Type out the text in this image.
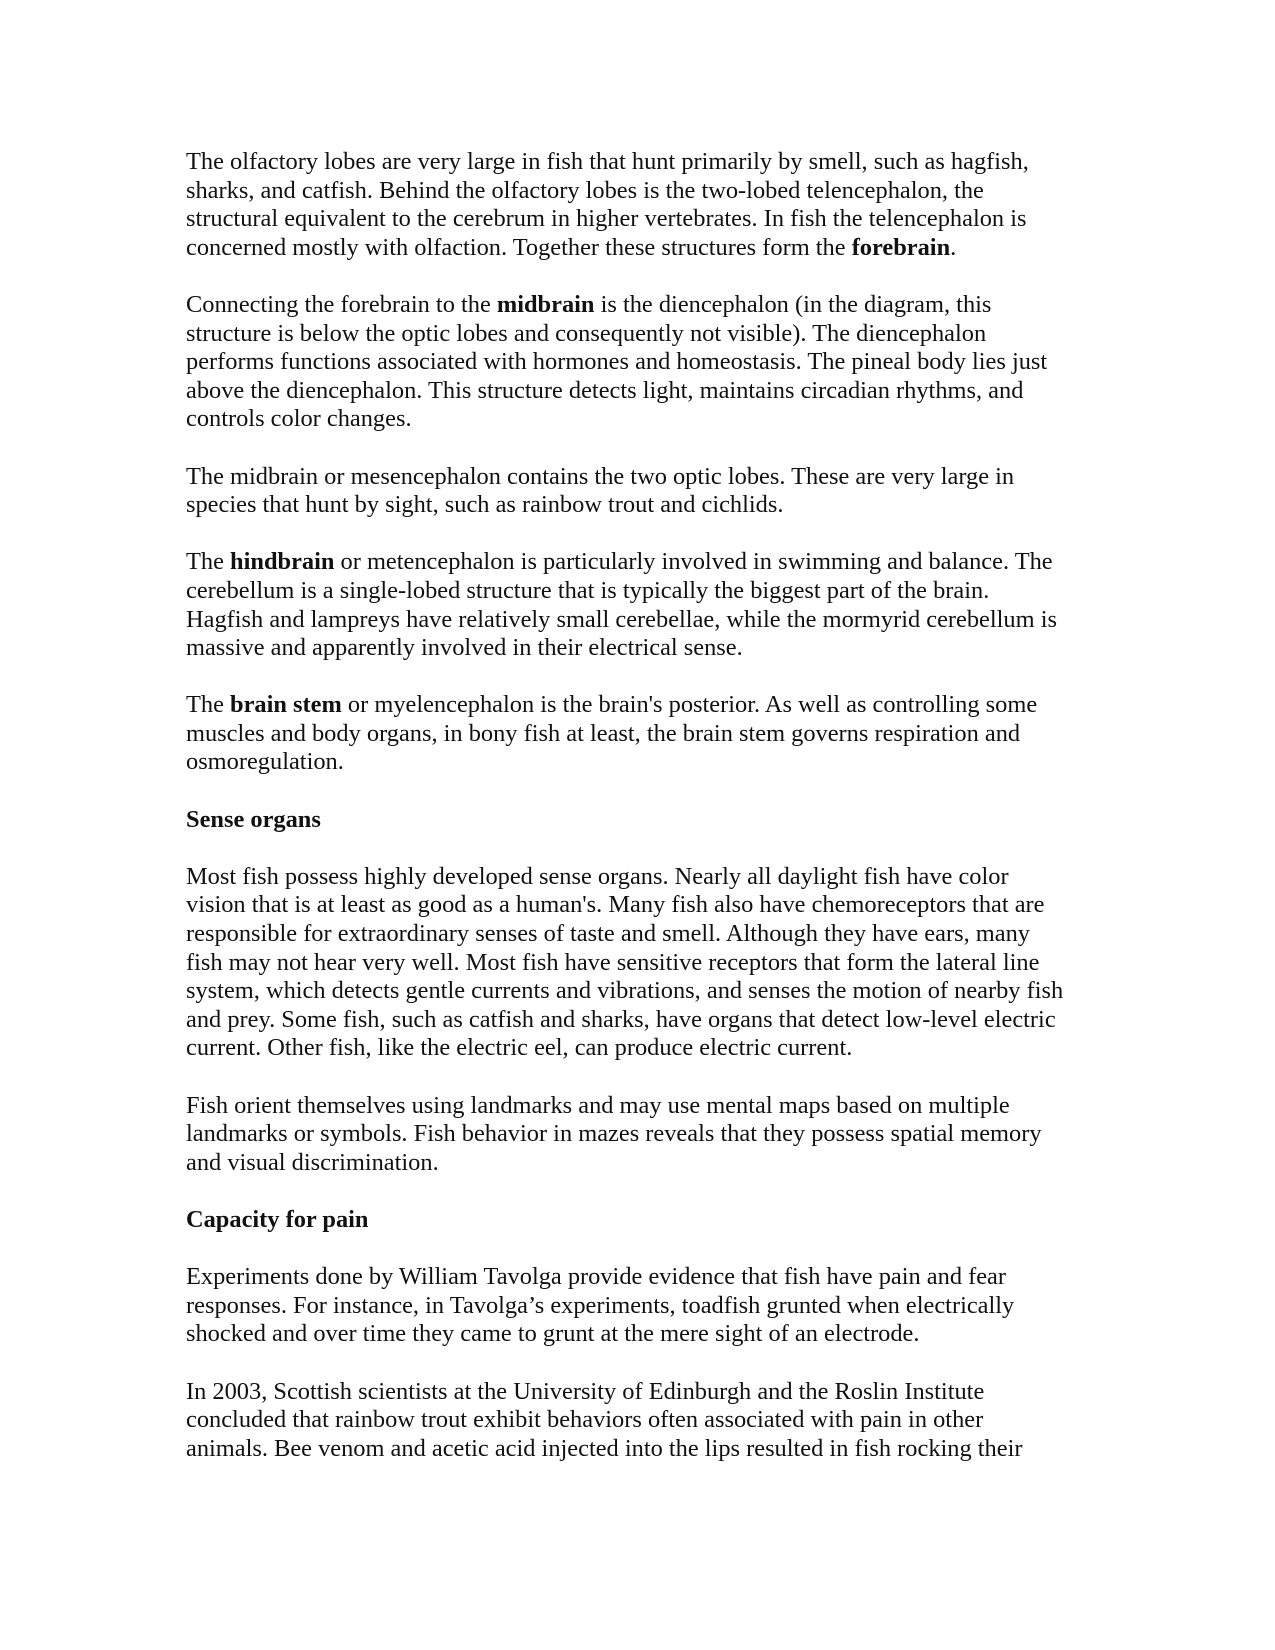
The olfactory lobes are very large in fish that hunt primarily by smell, such as hagfish,
sharks, and catfish. Behind the olfactory lobes is the two-lobed telencephalon, the
structural equivalent to the cerebrum in higher vertebrates. In fish the telencephalon is
concerned mostly with olfaction. Together these structures form the forebrain.

Connecting the forebrain to the midbrain is the diencephalon (in the diagram, this
structure is below the optic lobes and consequently not visible). The diencephalon
performs functions associated with hormones and homeostasis. The pineal body lies just
above the diencephalon. This structure detects light, maintains circadian rhythms, and
controls color changes.

The midbrain or mesencephalon contains the two optic lobes. These are very large in
species that hunt by sight, such as rainbow trout and cichlids.

The hindbrain or metencephalon is particularly involved in swimming and balance. The
cerebellum is a single-lobed structure that is typically the biggest part of the brain.
Hagfish and lampreys have relatively small cerebellae, while the mormyrid cerebellum is
massive and apparently involved in their electrical sense.

The brain stem or myelencephalon is the brain's posterior. As well as controlling some
muscles and body organs, in bony fish at least, the brain stem governs respiration and
osmoregulation.

Sense organs

Most fish possess highly developed sense organs. Nearly all daylight fish have color
vision that is at least as good as a human's. Many fish also have chemoreceptors that are
responsible for extraordinary senses of taste and smell. Although they have ears, many
fish may not hear very well. Most fish have sensitive receptors that form the lateral line
system, which detects gentle currents and vibrations, and senses the motion of nearby fish
and prey. Some fish, such as catfish and sharks, have organs that detect low-level electric
current. Other fish, like the electric eel, can produce electric current.

Fish orient themselves using landmarks and may use mental maps based on multiple
landmarks or symbols. Fish behavior in mazes reveals that they possess spatial memory
and visual discrimination.

Capacity for pain

Experiments done by William Tavolga provide evidence that fish have pain and fear
responses. For instance, in Tavolga’s experiments, toadfish grunted when electrically
shocked and over time they came to grunt at the mere sight of an electrode.

In 2003, Scottish scientists at the University of Edinburgh and the Roslin Institute
concluded that rainbow trout exhibit behaviors often associated with pain in other
animals. Bee venom and acetic acid injected into the lips resulted in fish rocking their
